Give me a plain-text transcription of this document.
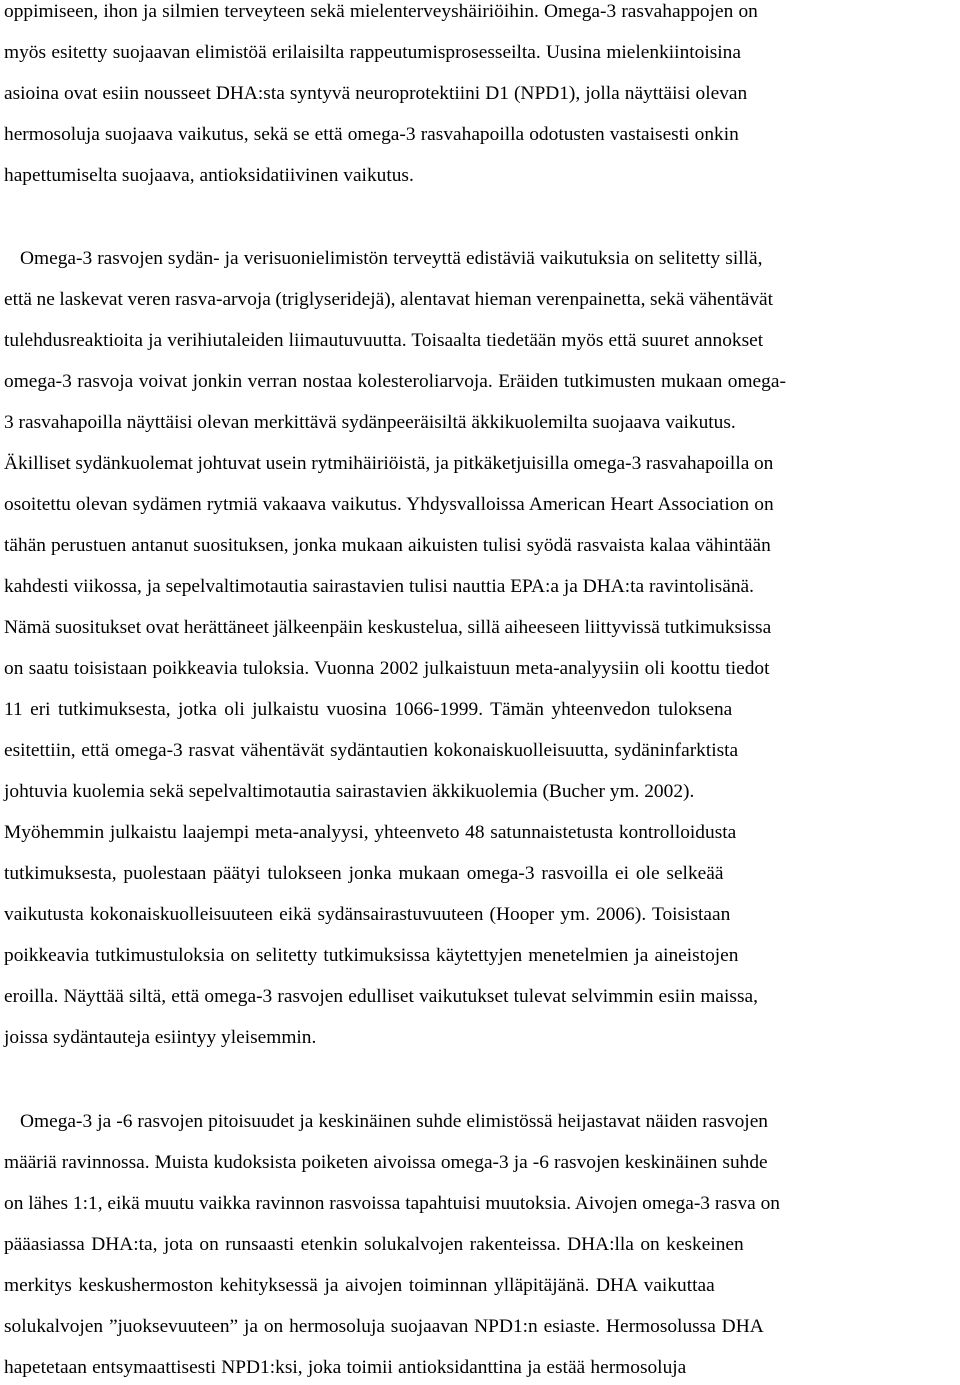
oppimiseen, ihon ja silmien terveyteen sekä mielenterveyshäiriöihin. Omega-3 rasvahappojen on
myös esitetty suojaavan elimistöä erilaisilta rappeutumisprosesseilta. Uusina mielenkiintoisina
asioina ovat esiin nousseet DHA:sta syntyvä neuroprotektiini D1 (NPD1), jolla näyttäisi olevan
hermosoluja suojaava vaikutus, sekä se että omega-3 rasvahapoilla odotusten vastaisesti onkin
hapettumiselta suojaava, antioksidatiivinen vaikutus.
Omega-3 rasvojen sydän- ja verisuonielimistön terveyttä edistäviä vaikutuksia on selitetty sillä,
että ne laskevat veren rasva-arvoja (triglyseridejä), alentavat hieman verenpainetta, sekä vähentävät
tulehdusreaktioita ja verihiutaleiden liimautuvuutta. Toisaalta tiedetään myös että suuret annokset
omega-3 rasvoja voivat jonkin verran nostaa kolesteroliarvoja. Eräiden tutkimusten mukaan omega-
3 rasvahapoilla näyttäisi olevan merkittävä sydänpeeräisiltä äkkikuolemilta suojaava vaikutus.
Äkilliset sydänkuolemat johtuvat usein rytmihäiriöistä, ja pitkäketjuisilla omega-3 rasvahapoilla on
osoitettu olevan sydämen rytmiä vakaava vaikutus. Yhdysvalloissa American Heart Association on
tähän perustuen antanut suosituksen, jonka mukaan aikuisten tulisi syödä rasvaista kalaa vähintään
kahdesti viikossa, ja sepelvaltimotautia sairastavien tulisi nauttia EPA:a ja DHA:ta ravintolisänä.
Nämä suositukset ovat herättäneet jälkeenpäin keskustelua, sillä aiheeseen liittyvissä tutkimuksissa
on saatu toisistaan poikkeavia tuloksia. Vuonna 2002 julkaistuun meta-analyysiin oli koottu tiedot
11 eri tutkimuksesta, jotka oli julkaistu vuosina 1066-1999. Tämän yhteenvedon tuloksena
esitettiin, että omega-3 rasvat vähentävät sydäntautien kokonaiskuolleisuutta, sydäninfarktista
johtuvia kuolemia sekä sepelvaltimotautia sairastavien äkkikuolemia (Bucher ym. 2002).
Myöhemmin julkaistu laajempi meta-analyysi, yhteenveto 48 satunnaistetusta kontrolloidusta
tutkimuksesta, puolestaan päätyi tulokseen jonka mukaan omega-3 rasvoilla ei ole selkeää
vaikutusta kokonaiskuolleisuuteen eikä sydänsairastuvuuteen (Hooper ym. 2006). Toisistaan
poikkeavia tutkimustuloksia on selitetty tutkimuksissa käytettyjen menetelmien ja aineistojen
eroilla. Näyttää siltä, että omega-3 rasvojen edulliset vaikutukset tulevat selvimmin esiin maissa,
joissa sydäntauteja esiintyy yleisemmin.
Omega-3 ja -6 rasvojen pitoisuudet ja keskinäinen suhde elimistössä heijastavat näiden rasvojen
määriä ravinnossa. Muista kudoksista poiketen aivoissa omega-3 ja -6 rasvojen keskinäinen suhde
on lähes 1:1, eikä muutu vaikka ravinnon rasvoissa tapahtuisi muutoksia. Aivojen omega-3 rasva on
pääasiassa DHA:ta, jota on runsaasti etenkin solukalvojen rakenteissa. DHA:lla on keskeinen
merkitys keskushermoston kehityksessä ja aivojen toiminnan ylläpitäjänä. DHA vaikuttaa
solukalvojen ”juoksevuuteen” ja on hermosoluja suojaavan NPD1:n esiaste. Hermosolussa DHA
hapetetaan entsymaattisesti NPD1:ksi, joka toimii antioksidanttina ja estää hermosoluja
